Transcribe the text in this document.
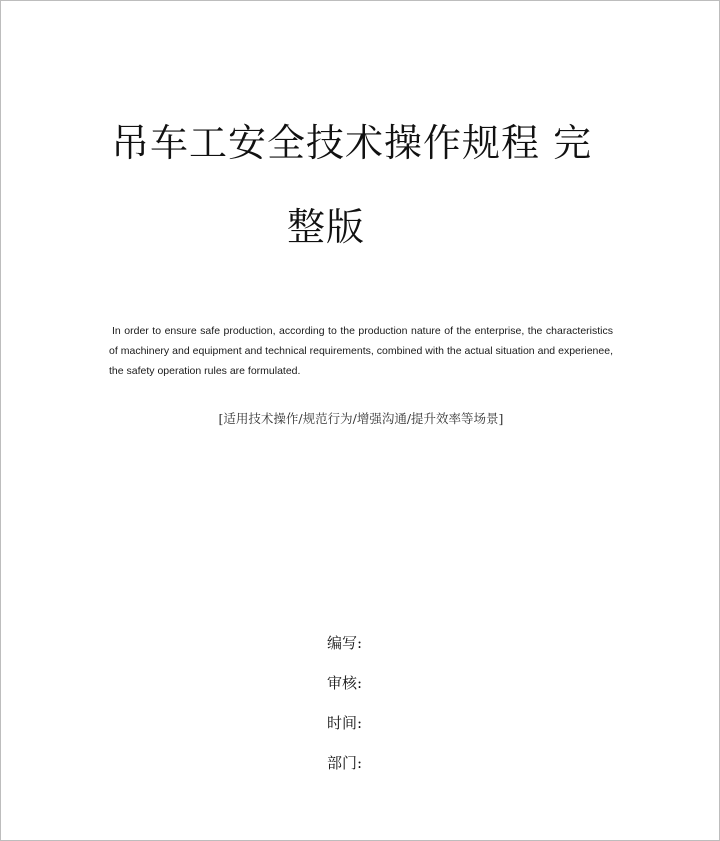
吊车工安全技术操作规程 完
整版
In order to ensure safe production, according to the production nature of the enterprise, the characteristics of machinery and equipment and technical requirements, combined with the actual situation and experienee, the safety operation rules are formulated.
[适用技术操作/规范行为/增强沟通/提升效率等场景]
编写:
审核:
时间:
部门:
